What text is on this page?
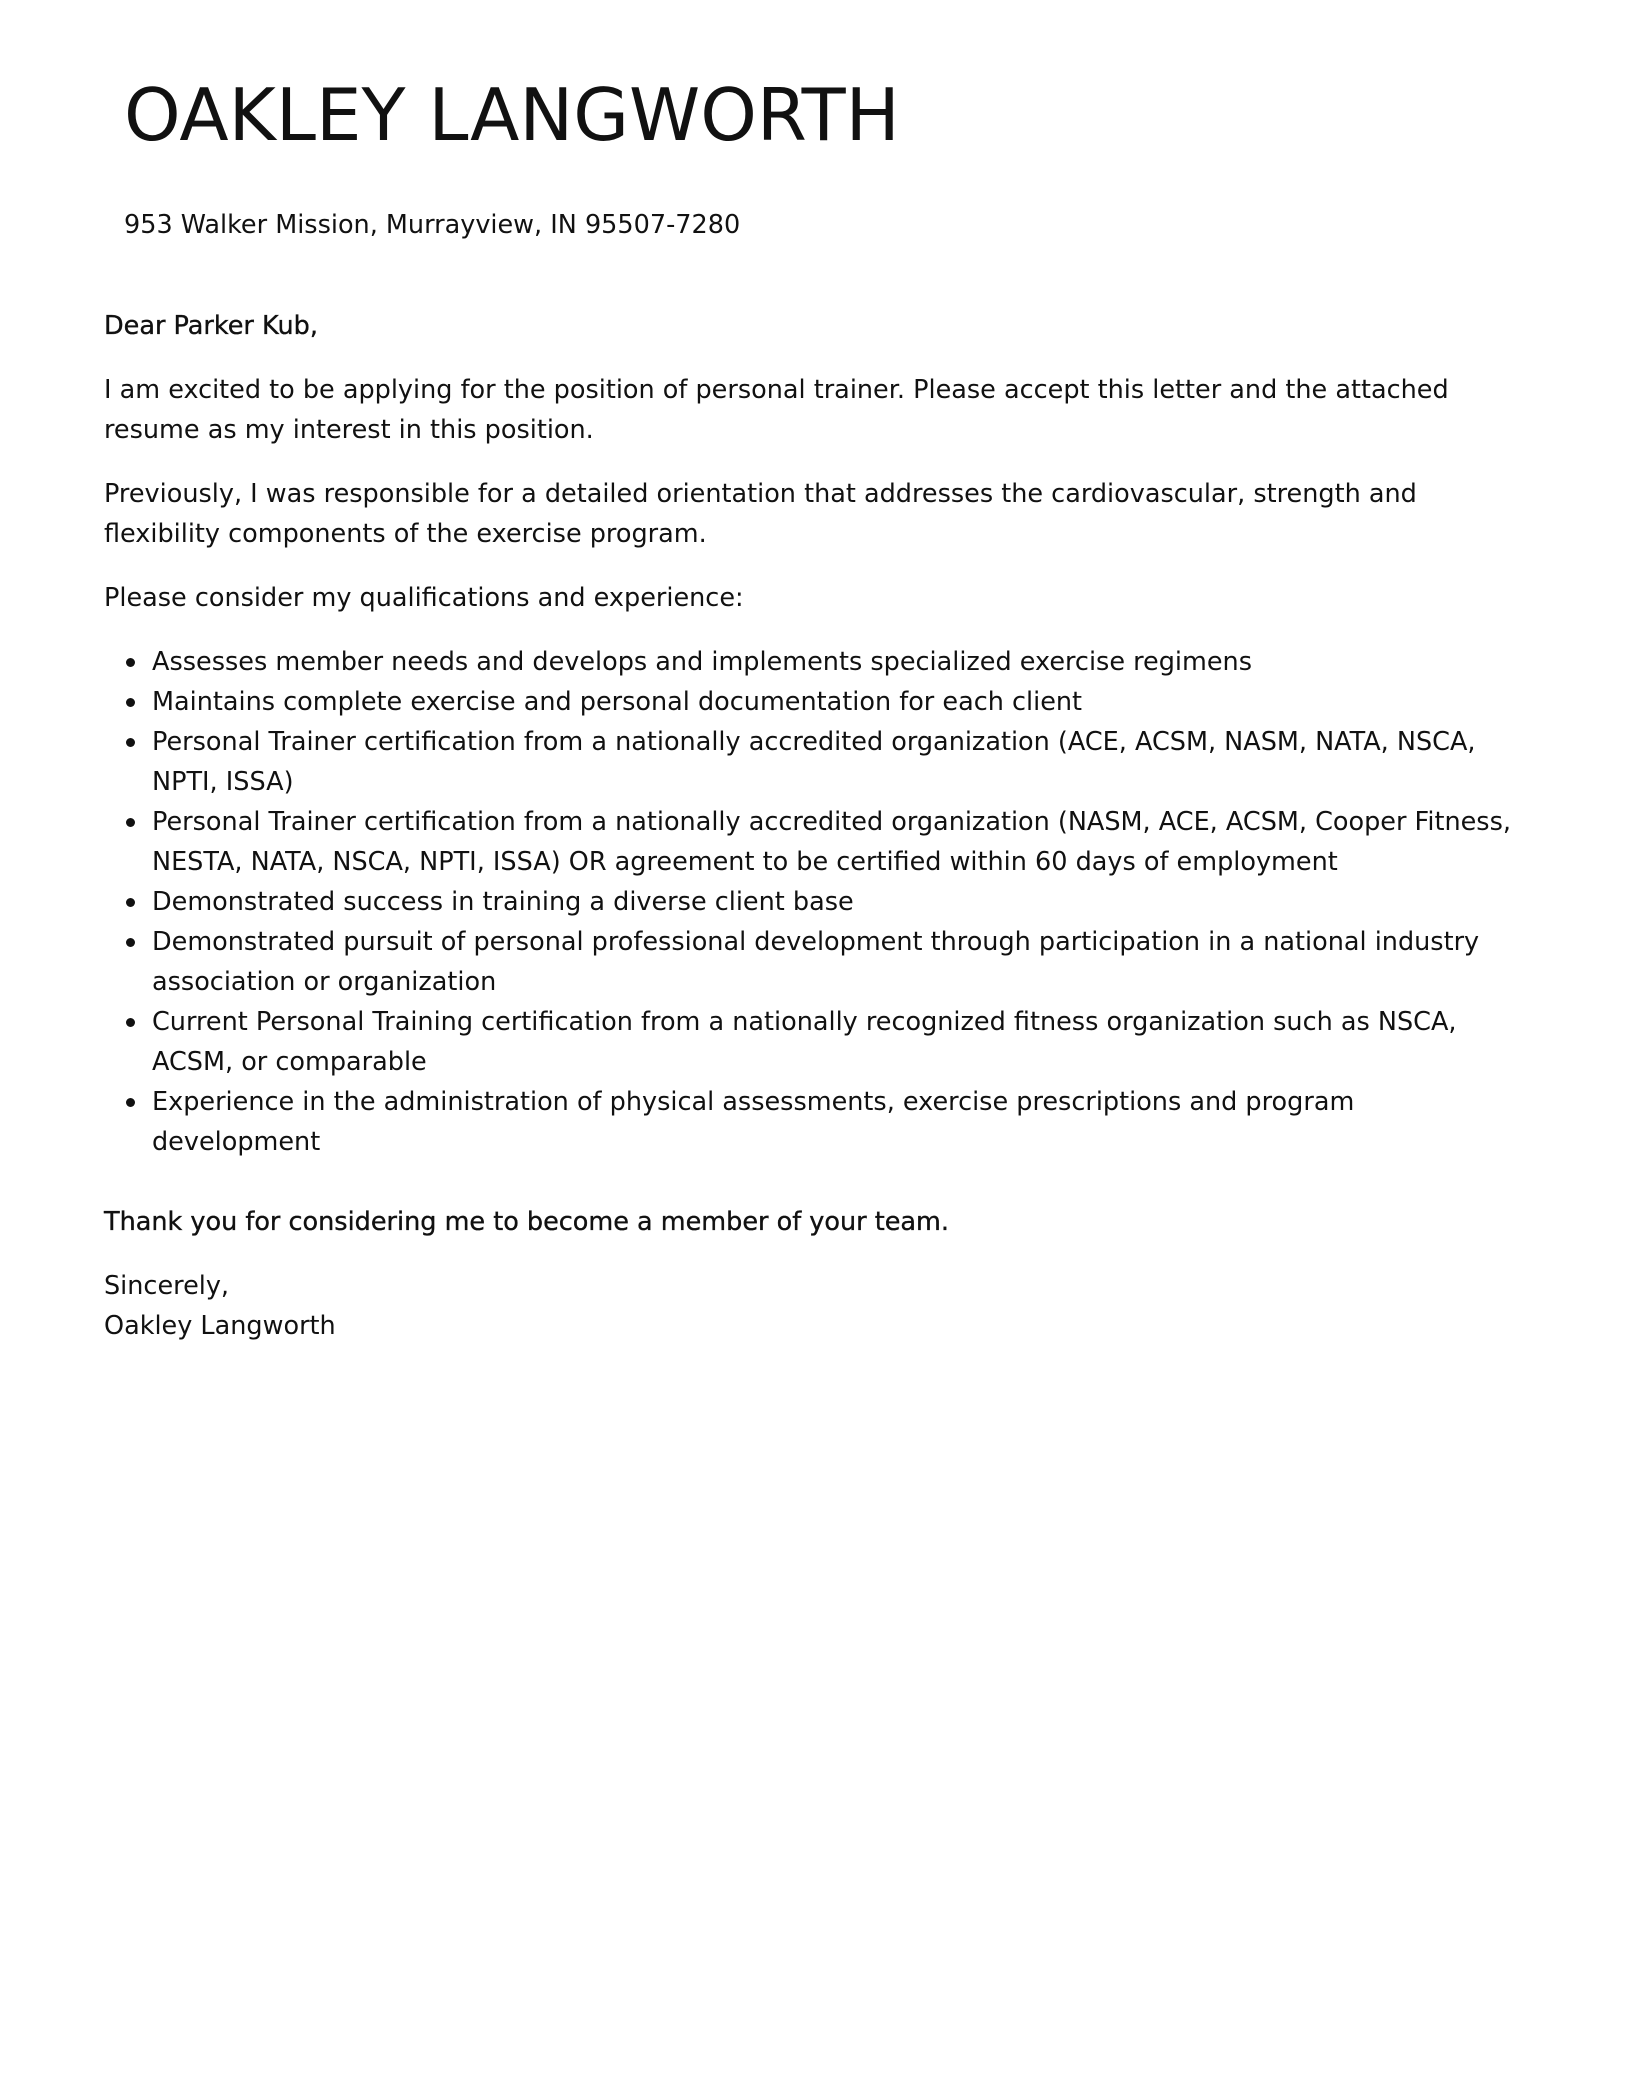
OAKLEY LANGWORTH

953 Walker Mission, Murrayview, IN 95507-7280

Dear Parker Kub,

I am excited to be applying for the position of personal trainer. Please accept this letter and the attached resume as my interest in this position.

Previously, I was responsible for a detailed orientation that addresses the cardiovascular, strength and flexibility components of the exercise program.

Please consider my qualifications and experience:

Assesses member needs and develops and implements specialized exercise regimens
Maintains complete exercise and personal documentation for each client
Personal Trainer certification from a nationally accredited organization (ACE, ACSM, NASM, NATA, NSCA, NPTI, ISSA)
Personal Trainer certification from a nationally accredited organization (NASM, ACE, ACSM, Cooper Fitness, NESTA, NATA, NSCA, NPTI, ISSA) OR agreement to be certified within 60 days of employment
Demonstrated success in training a diverse client base
Demonstrated pursuit of personal professional development through participation in a national industry association or organization
Current Personal Training certification from a nationally recognized fitness organization such as NSCA, ACSM, or comparable
Experience in the administration of physical assessments, exercise prescriptions and program development

Thank you for considering me to become a member of your team.

Sincerely,

Oakley Langworth
